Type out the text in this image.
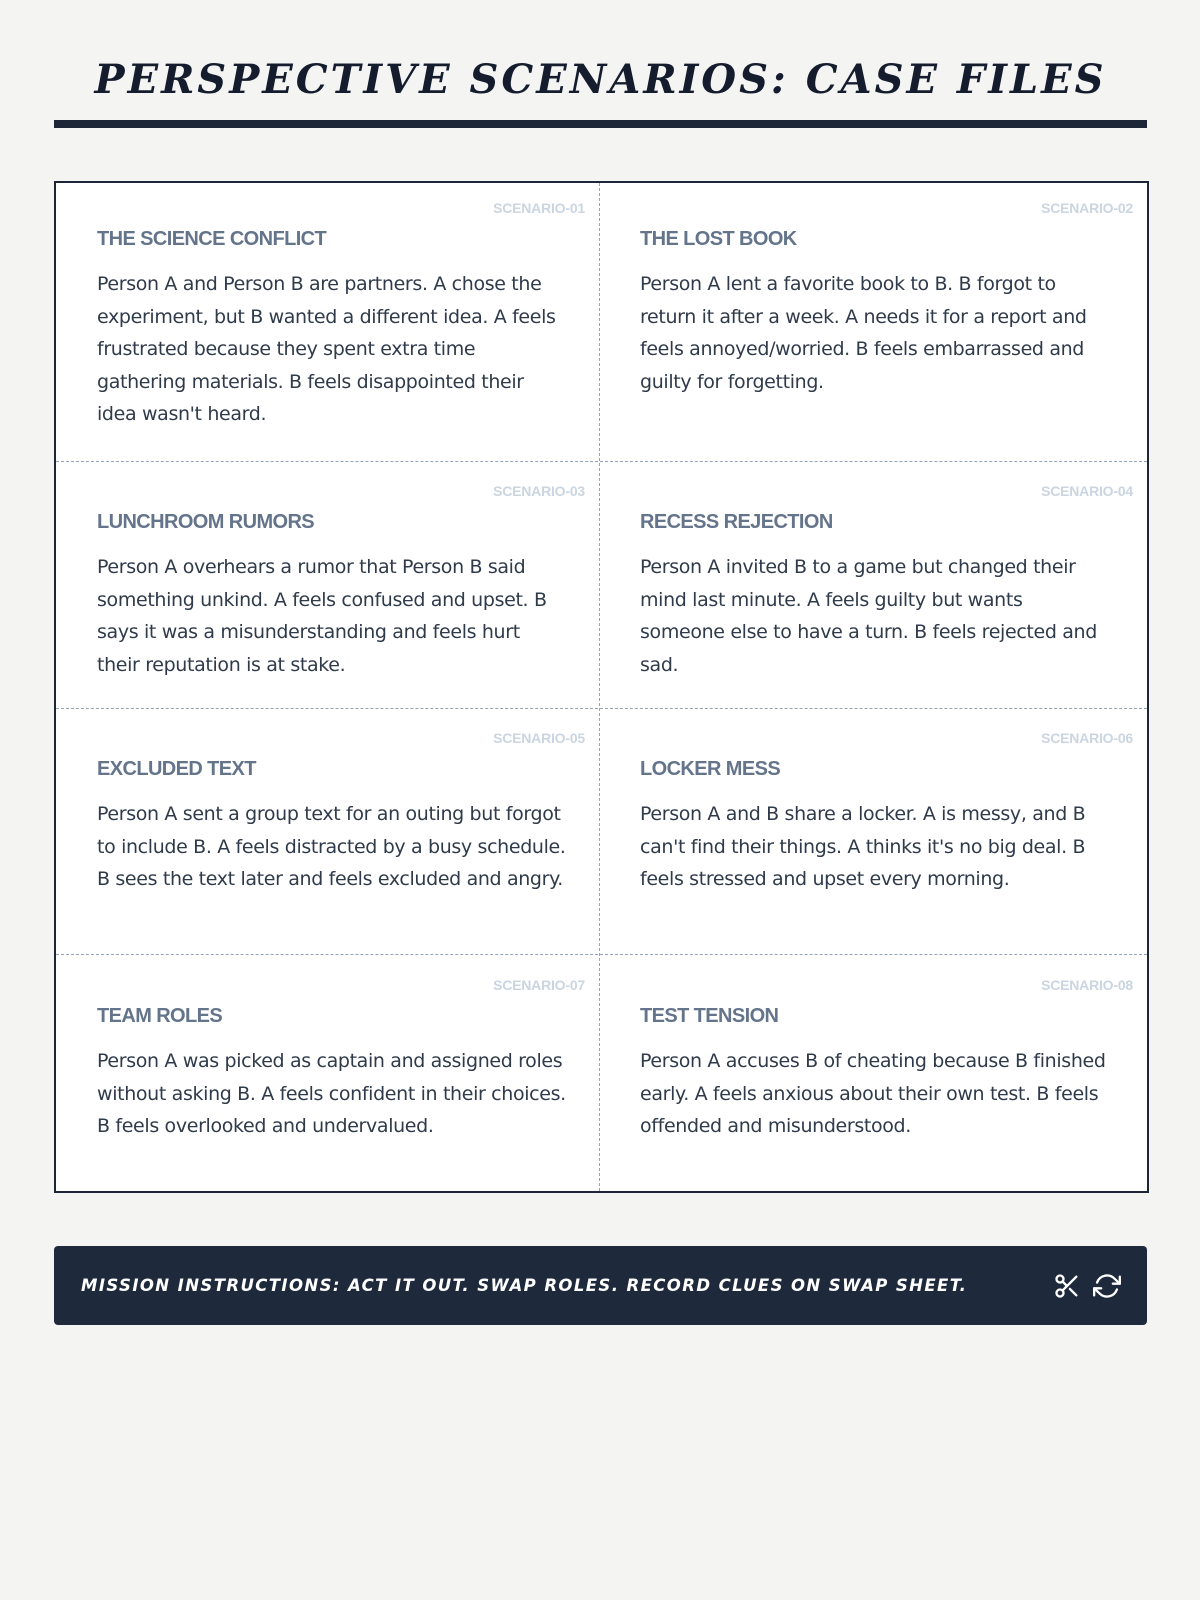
PERSPECTIVE SCENARIOS: CASE FILES
SCENARIO-01
THE SCIENCE CONFLICT

Person A and Person B are partners. A chose the experiment, but B wanted a different idea. A feels frustrated because they spent extra time gathering materials. B feels disappointed their idea wasn't heard.

SCENARIO-02
THE LOST BOOK

Person A lent a favorite book to B. B forgot to return it after a week. A needs it for a report and feels annoyed/worried. B feels embarrassed and guilty for forgetting.

SCENARIO-03
LUNCHROOM RUMORS

Person A overhears a rumor that Person B said something unkind. A feels confused and upset. B says it was a misunderstanding and feels hurt their reputation is at stake.

SCENARIO-04
RECESS REJECTION

Person A invited B to a game but changed their mind last minute. A feels guilty but wants someone else to have a turn. B feels rejected and sad.

SCENARIO-05
EXCLUDED TEXT

Person A sent a group text for an outing but forgot to include B. A feels distracted by a busy schedule. B sees the text later and feels excluded and angry.

SCENARIO-06
LOCKER MESS

Person A and B share a locker. A is messy, and B can't find their things. A thinks it's no big deal. B feels stressed and upset every morning.

SCENARIO-07
TEAM ROLES

Person A was picked as captain and assigned roles without asking B. A feels confident in their choices. B feels overlooked and undervalued.

SCENARIO-08
TEST TENSION

Person A accuses B of cheating because B finished early. A feels anxious about their own test. B feels offended and misunderstood.

MISSION INSTRUCTIONS: ACT IT OUT. SWAP ROLES. RECORD CLUES ON SWAP SHEET.
